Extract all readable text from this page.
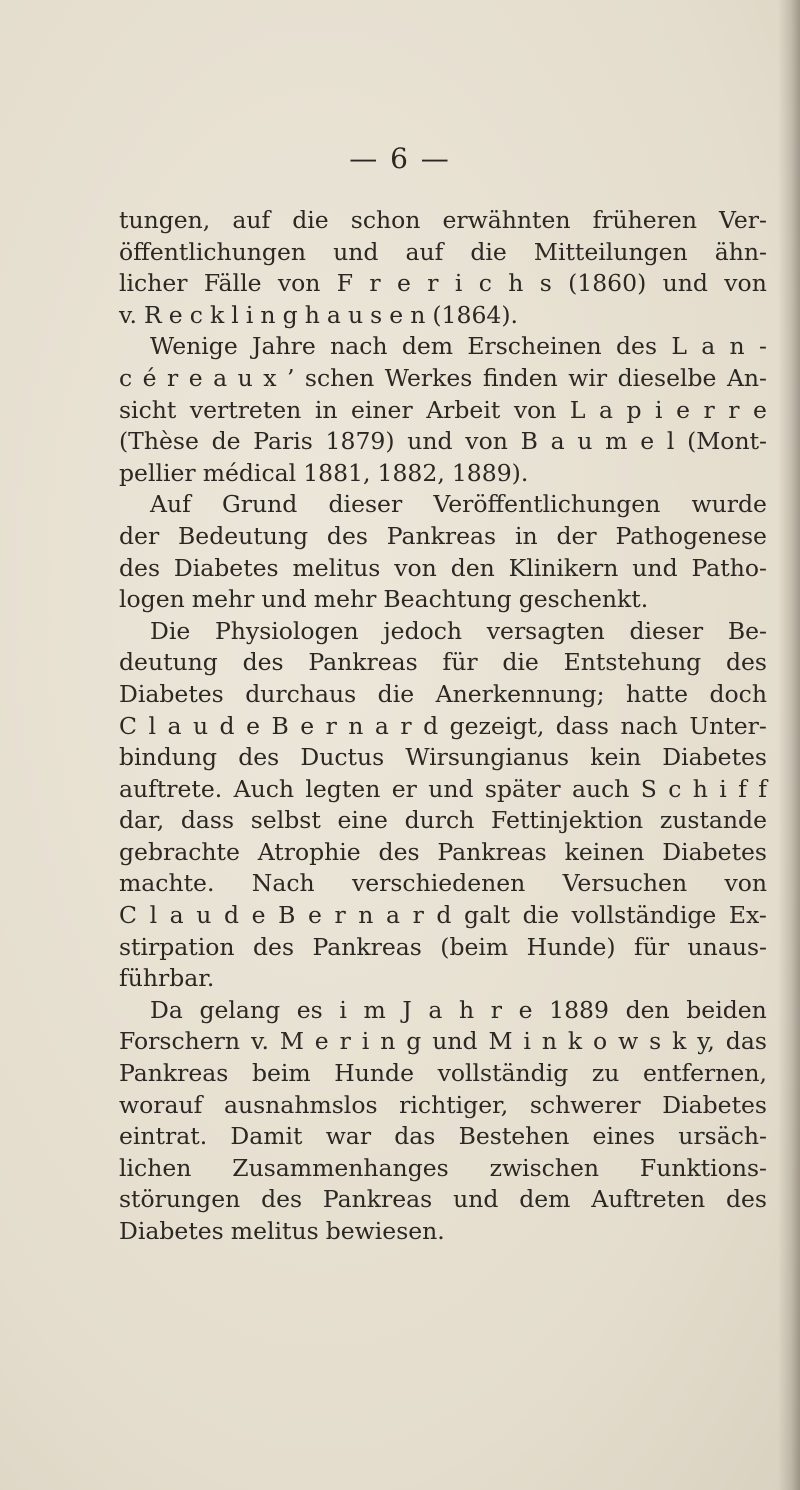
— 6 —
tungen, auf die schon erwähnten früheren Ver-
öffentlichungen und auf die Mitteilungen ähn-
licher Fälle von F r e r i c h s (1860) und von
v. R e c k l i n g h a u s e n (1864).
Wenige Jahre nach dem Erscheinen des L a n -
c é r e a u x ’ schen Werkes finden wir dieselbe An-
sicht vertreten in einer Arbeit von L a p i e r r e
(Thèse de Paris 1879) und von B a u m e l (Mont-
pellier médical 1881, 1882, 1889).
Auf Grund dieser Veröffentlichungen wurde
der Bedeutung des Pankreas in der Pathogenese
des Diabetes melitus von den Klinikern und Patho-
logen mehr und mehr Beachtung geschenkt.
Die Physiologen jedoch versagten dieser Be-
deutung des Pankreas für die Entstehung des
Diabetes durchaus die Anerkennung; hatte doch
C l a u d e B e r n a r d gezeigt, dass nach Unter-
bindung des Ductus Wirsungianus kein Diabetes
auftrete. Auch legten er und später auch S c h i f f
dar, dass selbst eine durch Fettinjektion zustande
gebrachte Atrophie des Pankreas keinen Diabetes
machte. Nach verschiedenen Versuchen von
C l a u d e B e r n a r d galt die vollständige Ex-
stirpation des Pankreas (beim Hunde) für unaus-
führbar.
Da gelang es i m J a h r e 1889 den beiden
Forschern v. M e r i n g und M i n k o w s k y, das
Pankreas beim Hunde vollständig zu entfernen,
worauf ausnahmslos richtiger, schwerer Diabetes
eintrat. Damit war das Bestehen eines ursäch-
lichen Zusammenhanges zwischen Funktions-
störungen des Pankreas und dem Auftreten des
Diabetes melitus bewiesen.
